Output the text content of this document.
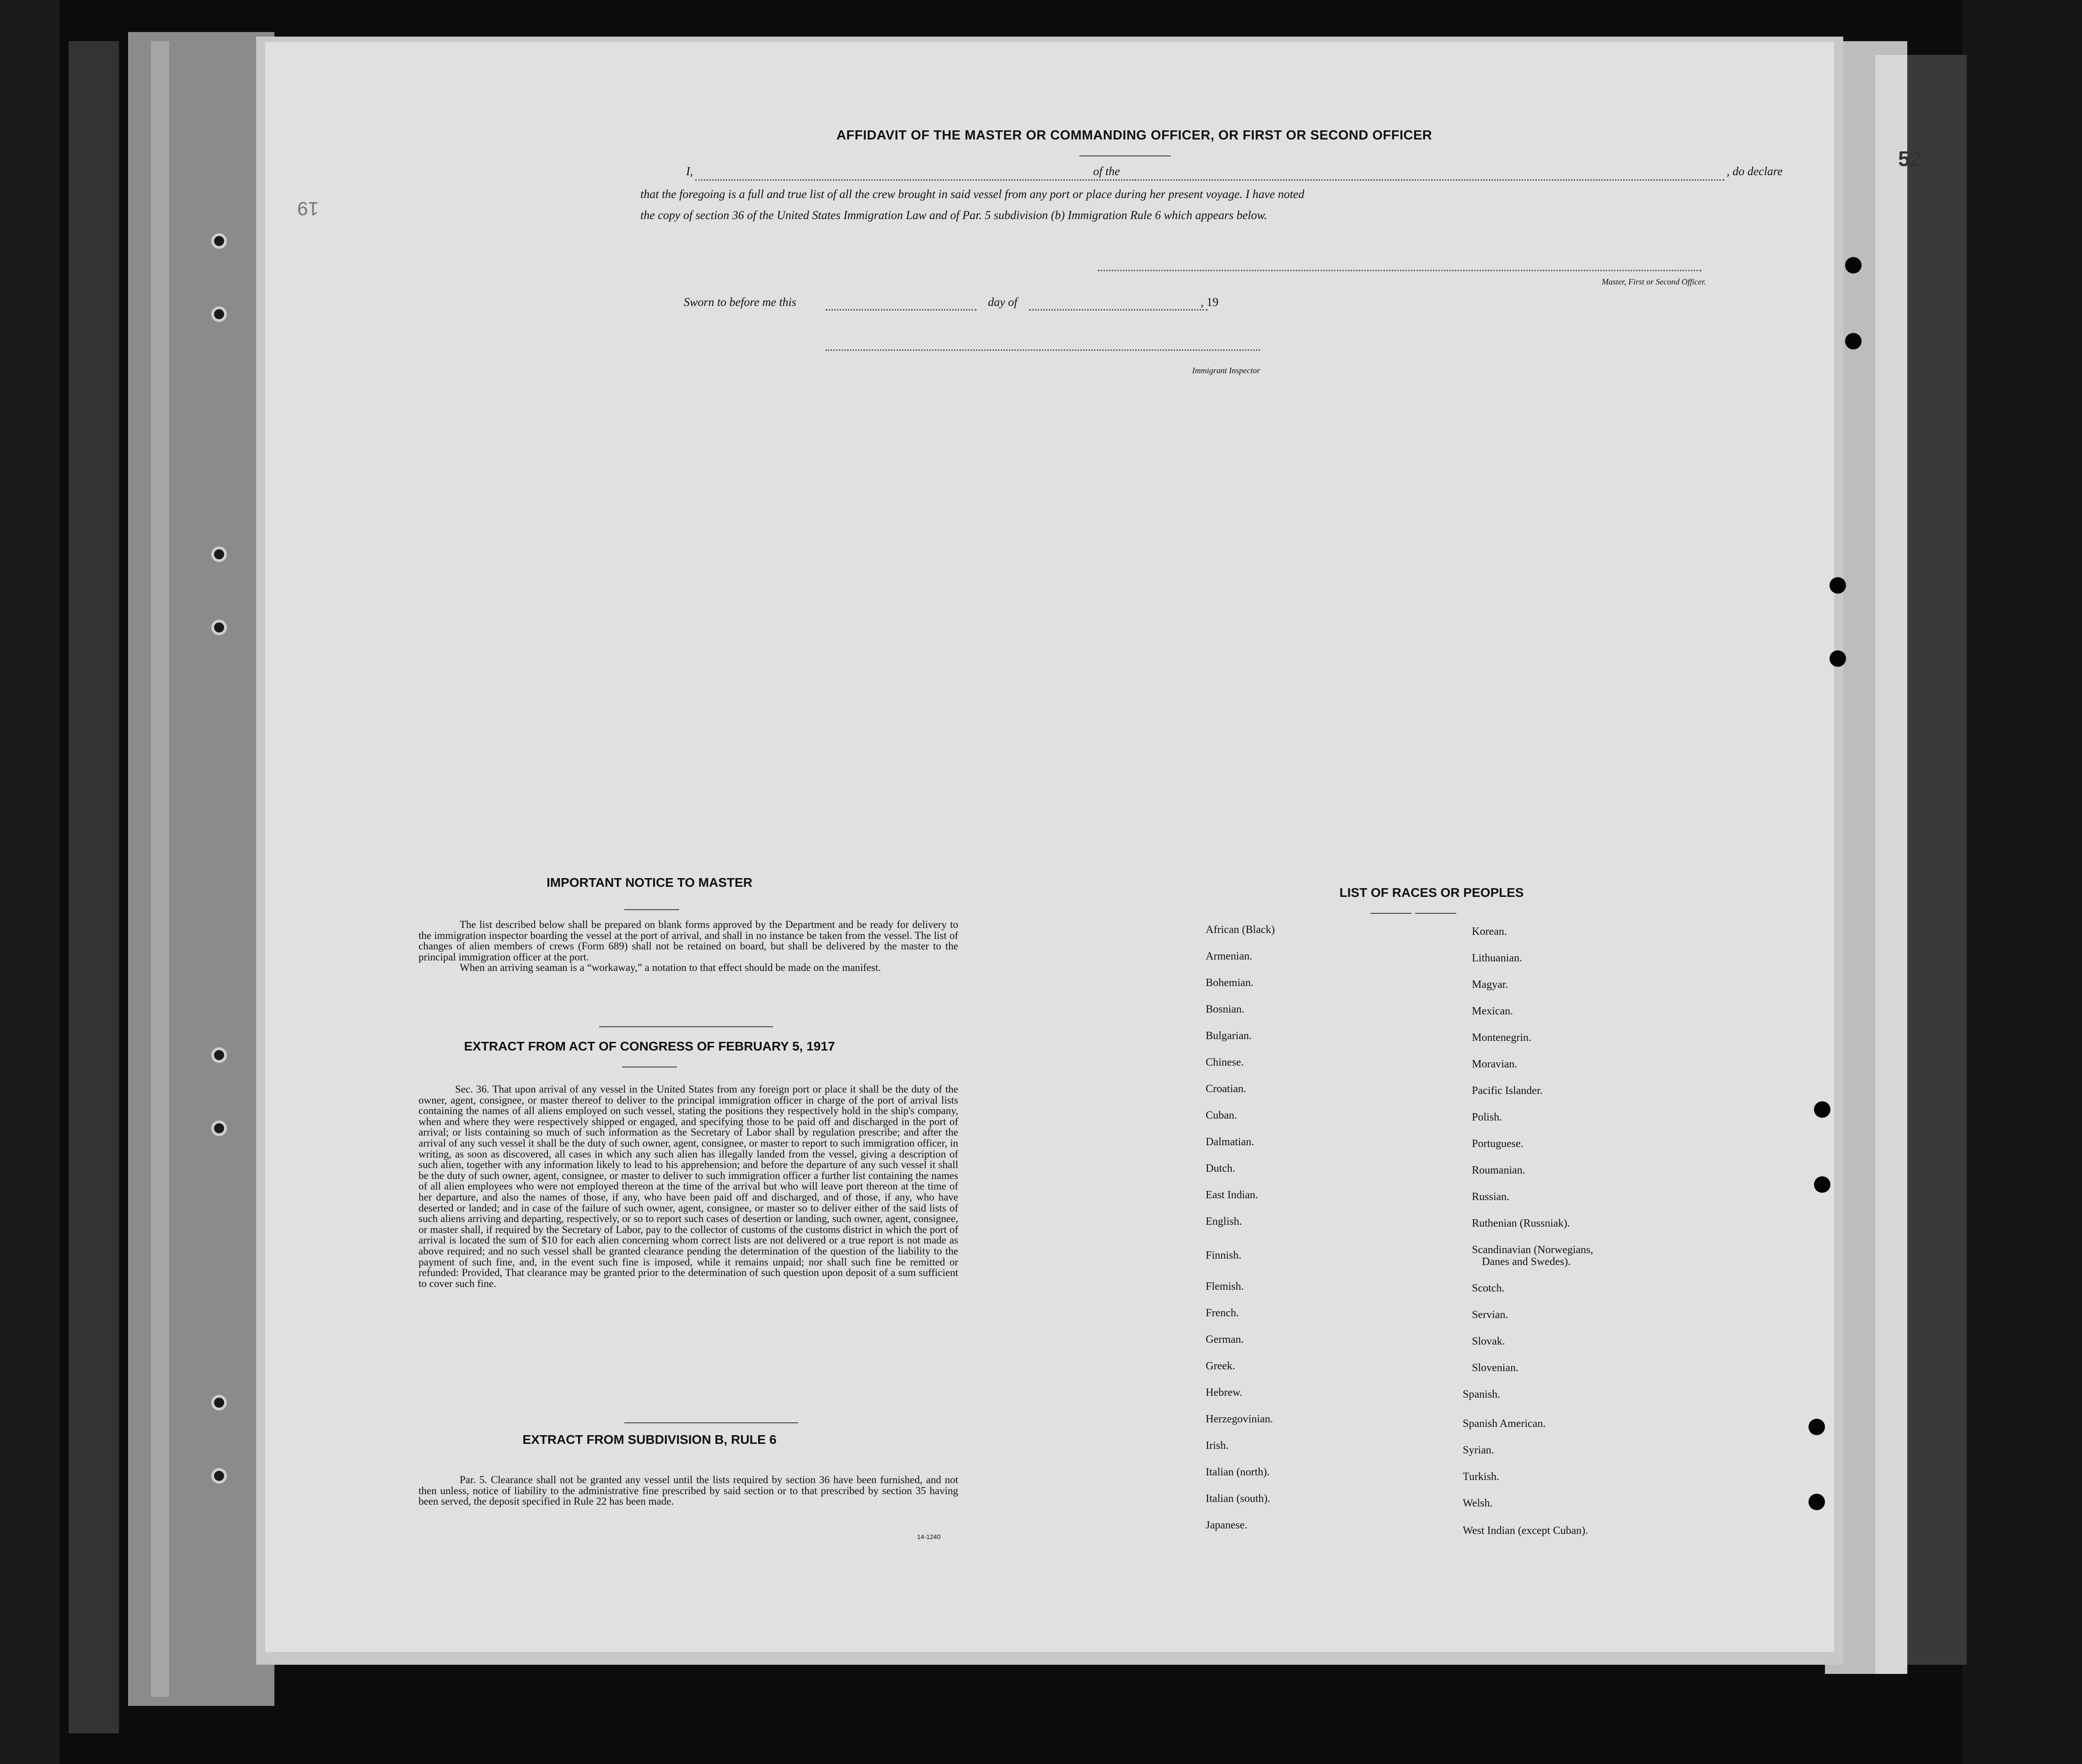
19
AFFIDAVIT OF THE MASTER OR COMMANDING OFFICER, OR FIRST OR SECOND OFFICER
I,	of the	, do declare
that the foregoing is a full and true list of all the crew brought in said vessel from any port or place during her present voyage. I have noted
the copy of section 36 of the United States Immigration Law and of Par. 5 subdivision (b) Immigration Rule 6 which appears below.
Master, First or Second Officer.
Sworn to before me this	day of	, 19
Immigrant Inspector
IMPORTANT NOTICE TO MASTER

The list described below shall be prepared on blank forms approved by the Department and be ready for delivery to the immigration inspector boarding the vessel at the port of arrival, and shall in no instance be taken from the vessel. The list of changes of alien members of crews (Form 689) shall not be retained on board, but shall be delivered by the master to the principal immigration officer at the port.

When an arriving seaman is a “workaway,” a notation to that effect should be made on the manifest.

EXTRACT FROM ACT OF CONGRESS OF FEBRUARY 5, 1917
Sec. 36. That upon arrival of any vessel in the United States from any foreign port or place it shall be the duty of the owner, agent, consignee, or master thereof to deliver to the principal immigration officer in charge of the port of arrival lists containing the names of all aliens employed on such vessel, stating the positions they respectively hold in the ship's company, when and where they were respectively shipped or engaged, and specifying those to be paid off and discharged in the port of arrival; or lists containing so much of such information as the Secretary of Labor shall by regulation prescribe; and after the arrival of any such vessel it shall be the duty of such owner, agent, consignee, or master to report to such immigration officer, in writing, as soon as discovered, all cases in which any such alien has illegally landed from the vessel, giving a description of such alien, together with any information likely to lead to his apprehension; and before the departure of any such vessel it shall be the duty of such owner, agent, consignee, or master to deliver to such immigration officer a further list containing the names of all alien employees who were not employed thereon at the time of the arrival but who will leave port thereon at the time of her departure, and also the names of those, if any, who have been paid off and discharged, and of those, if any, who have deserted or landed; and in case of the failure of such owner, agent, consignee, or master so to deliver either of the said lists of such aliens arriving and departing, respectively, or so to report such cases of desertion or landing, such owner, agent, consignee, or master shall, if required by the Secretary of Labor, pay to the collector of customs of the customs district in which the port of arrival is located the sum of $10 for each alien concerning whom correct lists are not delivered or a true report is not made as above required; and no such vessel shall be granted clearance pending the determination of the question of the liability to the payment of such fine, and, in the event such fine is imposed, while it remains unpaid; nor shall such fine be remitted or refunded: Provided, That clearance may be granted prior to the determination of such question upon deposit of a sum sufficient to cover such fine.
EXTRACT FROM SUBDIVISION B, RULE 6
Par. 5. Clearance shall not be granted any vessel until the lists required by section 36 have been furnished, and not then unless, notice of liability to the administrative fine prescribed by said section or to that prescribed by section 35 having been served, the deposit specified in Rule 22 has been made.
14-1240
LIST OF RACES OR PEOPLES
African (Black)
Armenian.
Bohemian.
Bosnian.
Bulgarian.
Chinese.
Croatian.
Cuban.
Dalmatian.
Dutch.
East Indian.
English.
Finnish.
Flemish.
French.
German.
Greek.
Hebrew.
Herzegovinian.
Irish.
Italian (north).
Italian (south).
Japanese.
Korean.
Lithuanian.
Magyar.
Mexican.
Montenegrin.
Moravian.
Pacific Islander.
Polish.
Portuguese.
Roumanian.
Russian.
Ruthenian (Russniak).
Scandinavian (Norwegians,
Danes and Swedes).
Scotch.
Servian.
Slovak.
Slovenian.
Spanish.
Spanish American.
Syrian.
Turkish.
Welsh.
West Indian (except Cuban).
52
